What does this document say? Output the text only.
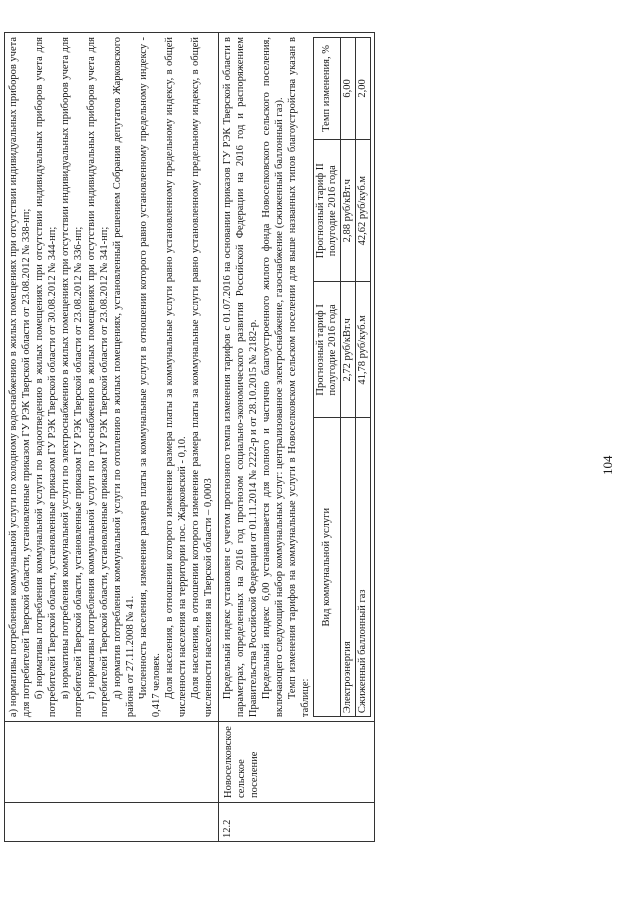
а) нормативы потребления коммунальной услуги по холодному водоснабжению в жилых помещениях при отсутствии индивидуальных приборов учета для потребителей Тверской области, установленные приказом ГУ РЭК Тверской области от 23.08.2012 № 338-нп; б) нормативы потребления коммунальной услуги по водоотведению в жилых помещениях при отсутствии индивидуальных приборов учета для потребителей Тверской области, установленные приказом ГУ РЭК Тверской области от 30.08.2012 № 344-нп; в) нормативы потребления коммунальной услуги по электроснабжению в жилых помещениях при отсутствии индивидуальных приборов учета для потребителей Тверской области, установленные приказом ГУ РЭК Тверской области от 23.08.2012 № 336-нп; г) нормативы потребления коммунальной услуги по газоснабжению в жилых помещениях при отсутствии индивидуальных приборов учета для потребителей Тверской области, установленные приказом ГУ РЭК Тверской области от 23.08.2012 № 341-нп; д) норматив потребления коммунальной услуги по отоплению в жилых помещениях, установленный решением Собрания депутатов Жарковского района от 27.11.2008 № 41. Численность населения, изменение размера платы за коммунальные услуги в отношении которого равно установленному предельному индексу - 0,417 человек. Доля населения, в отношении которого изменение размера платы за коммунальные услуги равно установленному предельному индексу, в общей численности населения на территории пос. Жарковский - 0,10. Доля населения, в отношении которого изменение размера платы за коммунальные услуги равно установленному предельному индексу, в общей численности населения на Тверской области – 0,0003

12.2

Новоселковское сельское поселение

Предельный индекс установлен с учетом прогнозного темпа изменения тарифов с 01.07.2016 на основании приказов ГУ РЭК Тверской области в параметрах, определенных на 2016 год прогнозом социально-экономического развития Российской Федерации на 2016 год и распоряжением Правительства Российской Федерации от 01.11.2014 № 2222-р и от 28.10.2015 № 2182-р. Предельный индекс 6,00 устанавливается для полного и частично благоустроенного жилого фонда Новоселковского сельского поселения, включающего следующий набор коммунальных услуг: централизованное электроснабжение, газоснабжение (сжиженный баллонный газ). Темп изменения тарифов на коммунальные услуги в Новоселковском сельском поселении для выше названных типов благоустройства указан в таблице:

Вид коммунальной услуги	Прогнозный тариф I полугодие 2016 года	Прогнозный тариф II полугодие 2016 года	Темп изменения, %
Электроэнергия	2,72 руб/кВт.ч	2,88 руб/кВт.ч	6,00
Сжиженный баллонный газ	41,78 руб/куб.м	42,62 руб/куб.м	2,00
104
